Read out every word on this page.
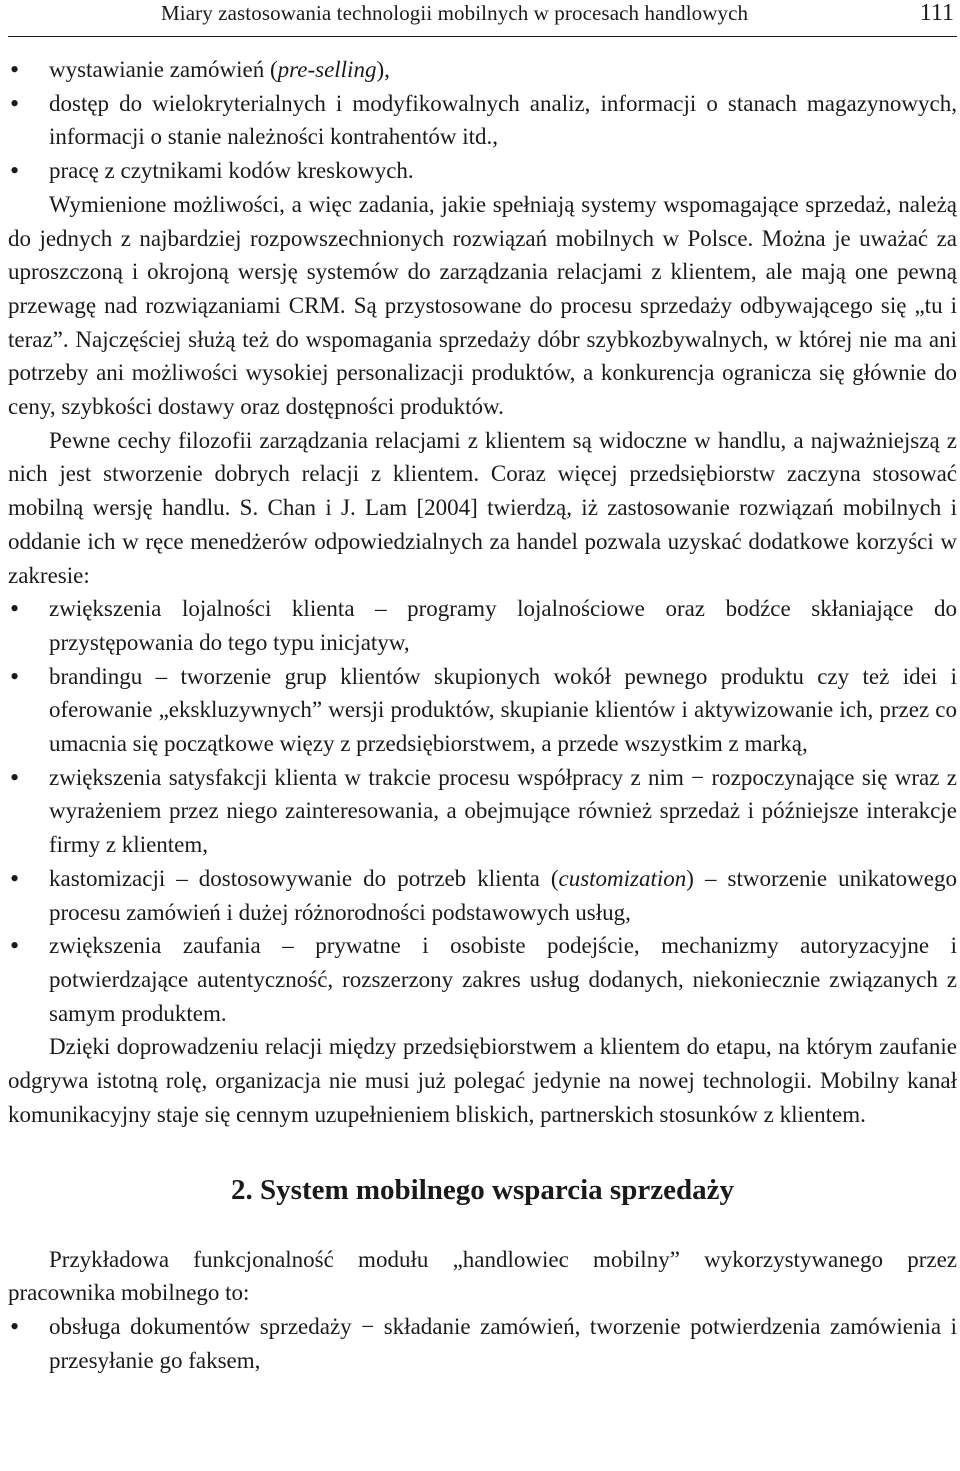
Miary zastosowania technologii mobilnych w procesach handlowych	111
• wystawianie zamówień (pre-selling),
• dostęp do wielokryterialnych i modyfikowalnych analiz, informacji o stanach magazynowych, informacji o stanie należności kontrahentów itd.,
• pracę z czytnikami kodów kreskowych.

Wymienione możliwości, a więc zadania, jakie spełniają systemy wspomagające sprzedaż, należą do jednych z najbardziej rozpowszechnionych rozwiązań mobilnych w Polsce. Można je uważać za uproszczoną i okrojoną wersję systemów do zarządzania relacjami z klientem, ale mają one pewną przewagę nad rozwiązaniami CRM. Są przystosowane do procesu sprzedaży odbywającego się „tu i teraz”. Najczęściej służą też do wspomagania sprzedaży dóbr szybkozbywalnych, w której nie ma ani potrzeby ani możliwości wysokiej personalizacji produktów, a konkurencja ogranicza się głównie do ceny, szybkości dostawy oraz dostępności produktów.

Pewne cechy filozofii zarządzania relacjami z klientem są widoczne w handlu, a najważniejszą z nich jest stworzenie dobrych relacji z klientem. Coraz więcej przedsiębiorstw zaczyna stosować mobilną wersję handlu. S. Chan i J. Lam [2004] twierdzą, iż zastosowanie rozwiązań mobilnych i oddanie ich w ręce menedżerów odpowiedzialnych za handel pozwala uzyskać dodatkowe korzyści w zakresie:

• zwiększenia lojalności klienta – programy lojalnościowe oraz bodźce skłaniające do przystępowania do tego typu inicjatyw,
• brandingu – tworzenie grup klientów skupionych wokół pewnego produktu czy też idei i oferowanie „ekskluzywnych” wersji produktów, skupianie klientów i aktywizowanie ich, przez co umacnia się początkowe więzy z przedsiębiorstwem, a przede wszystkim z marką,
• zwiększenia satysfakcji klienta w trakcie procesu współpracy z nim − rozpoczynające się wraz z wyrażeniem przez niego zainteresowania, a obejmujące również sprzedaż i późniejsze interakcje firmy z klientem,
• kastomizacji – dostosowywanie do potrzeb klienta (customization) – stworzenie unikatowego procesu zamówień i dużej różnorodności podstawowych usług,
• zwiększenia zaufania – prywatne i osobiste podejście, mechanizmy autoryzacyjne i potwierdzające autentyczność, rozszerzony zakres usług dodanych, niekoniecznie związanych z samym produktem.

Dzięki doprowadzeniu relacji między przedsiębiorstwem a klientem do etapu, na którym zaufanie odgrywa istotną rolę, organizacja nie musi już polegać jedynie na nowej technologii. Mobilny kanał komunikacyjny staje się cennym uzupełnieniem bliskich, partnerskich stosunków z klientem.

2. System mobilnego wsparcia sprzedaży

Przykładowa funkcjonalność modułu „handlowiec mobilny” wykorzystywanego przez pracownika mobilnego to:

• obsługa dokumentów sprzedaży − składanie zamówień, tworzenie potwierdzenia zamówienia i przesyłanie go faksem,
